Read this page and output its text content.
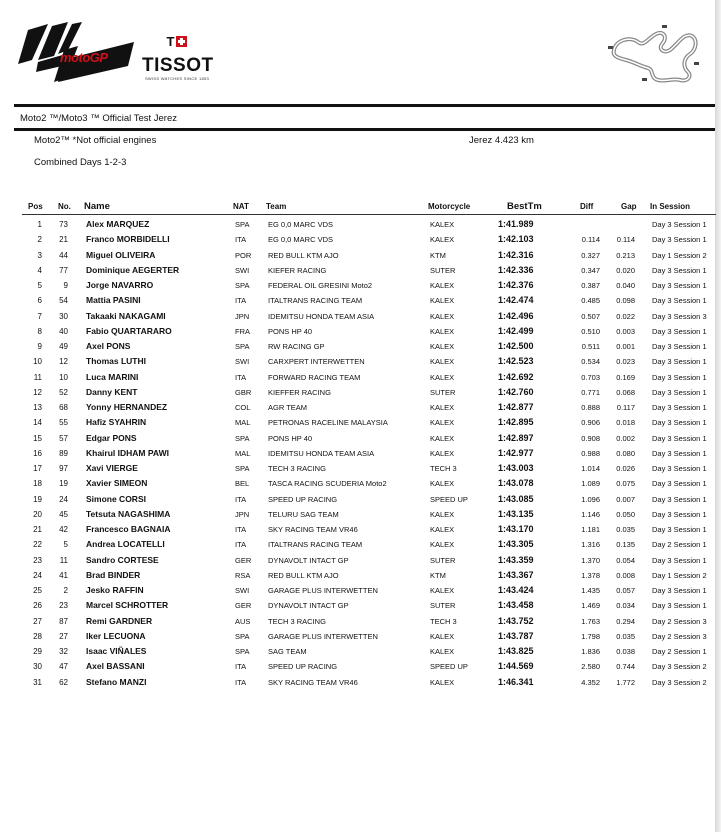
motoGP
$^T$
TISSOT
SWISS WATCHES SINCE 1853
Moto2 ™/Moto3 ™ Official Test Jerez
Moto2™ *Not official engines	Jerez 4.423 km
Combined Days 1-2-3
Pos No. Name	NAT Team	Motorcycle	BestTm	Diff	Gap In Session
1	73 Alex MARQUEZ	SPA EG 0,0 MARC VDS	KALEX	1:41.989	Day 3 Session 1
2	21 Franco MORBIDELLI	ITA	EG 0,0 MARC VDS	KALEX	1:42.103	0.114	0.114 Day 3 Session 1
3	44 Miguel OLIVEIRA	POR RED BULL KTM AJO	KTM	1:42.316	0.327	0.213 Day 1 Session 2
4	77 Dominique AEGERTER	SWI	KIEFER RACING	SUTER	1:42.336	0.347	0.020 Day 3 Session 1
5	9 Jorge NAVARRO	SPA FEDERAL OIL GRESINI Moto2	KALEX	1:42.376	0.387	0.040 Day 3 Session 1
6	54 Mattia PASINI	ITA	ITALTRANS RACING TEAM	KALEX	1:42.474	0.485	0.098 Day 3 Session 1
7	30 Takaaki NAKAGAMI	JPN	IDEMITSU HONDA TEAM ASIA	KALEX	1:42.496	0.507	0.022 Day 3 Session 3
8	40 Fabio QUARTARARO	FRA PONS HP 40	KALEX	1:42.499	0.510	0.003 Day 3 Session 1
9	49 Axel PONS	SPA RW RACING GP	KALEX	1:42.500	0.511	0.001 Day 3 Session 1
10	12 Thomas LUTHI	SWI	CARXPERT INTERWETTEN	KALEX	1:42.523	0.534	0.023 Day 3 Session 1
11	10 Luca MARINI	ITA	FORWARD RACING TEAM	KALEX	1:42.692	0.703	0.169 Day 3 Session 1
12	52 Danny KENT	GBR KIEFFER RACING	SUTER	1:42.760	0.771	0.068 Day 3 Session 1
13	68 Yonny HERNANDEZ	COL AGR TEAM	KALEX	1:42.877	0.888	0.117 Day 3 Session 1
14	55 Hafiz SYAHRIN	MAL PETRONAS RACELINE MALAYSIA	KALEX	1:42.895	0.906	0.018 Day 3 Session 1
15	57 Edgar PONS	SPA PONS HP 40	KALEX	1:42.897	0.908	0.002 Day 3 Session 1
16	89 Khairul IDHAM PAWI	MAL IDEMITSU HONDA TEAM ASIA	KALEX	1:42.977	0.988	0.080 Day 3 Session 1
17	97 Xavi VIERGE	SPA TECH 3 RACING	TECH 3	1:43.003	1.014	0.026 Day 3 Session 1
18	19 Xavier SIMEON	BEL	TASCA RACING SCUDERIA Moto2	KALEX	1:43.078	1.089	0.075 Day 3 Session 1
19	24 Simone CORSI	ITA	SPEED UP RACING	SPEED UP	1:43.085	1.096	0.007 Day 3 Session 1
20	45 Tetsuta NAGASHIMA	JPN	TELURU SAG TEAM	KALEX	1:43.135	1.146	0.050 Day 3 Session 1
21	42 Francesco BAGNAIA	ITA	SKY RACING TEAM VR46	KALEX	1:43.170	1.181	0.035 Day 3 Session 1
22	5 Andrea LOCATELLI	ITA	ITALTRANS RACING TEAM	KALEX	1:43.305	1.316	0.135 Day 2 Session 1
23	11 Sandro CORTESE	GER DYNAVOLT INTACT GP	SUTER	1:43.359	1.370	0.054 Day 3 Session 1
24	41 Brad BINDER	RSA RED BULL KTM AJO	KTM	1:43.367	1.378	0.008 Day 1 Session 2
25	2 Jesko RAFFIN	SWI	GARAGE PLUS INTERWETTEN	KALEX	1:43.424	1.435	0.057 Day 3 Session 1
26	23 Marcel SCHROTTER	GER DYNAVOLT INTACT GP	SUTER	1:43.458	1.469	0.034 Day 3 Session 1
27	87 Remi GARDNER	AUS TECH 3 RACING	TECH 3	1:43.752	1.763	0.294 Day 2 Session 3
28	27 Iker LECUONA	SPA GARAGE PLUS INTERWETTEN	KALEX	1:43.787	1.798	0.035 Day 2 Session 3
29	32 Isaac VIÑALES	SPA SAG TEAM	KALEX	1:43.825	1.836	0.038 Day 2 Session 1
30	47 Axel BASSANI	ITA	SPEED UP RACING	SPEED UP	1:44.569	2.580	0.744 Day 3 Session 2
31	62 Stefano MANZI	ITA	SKY RACING TEAM VR46	KALEX	1:46.341	4.352	1.772 Day 3 Session 2
